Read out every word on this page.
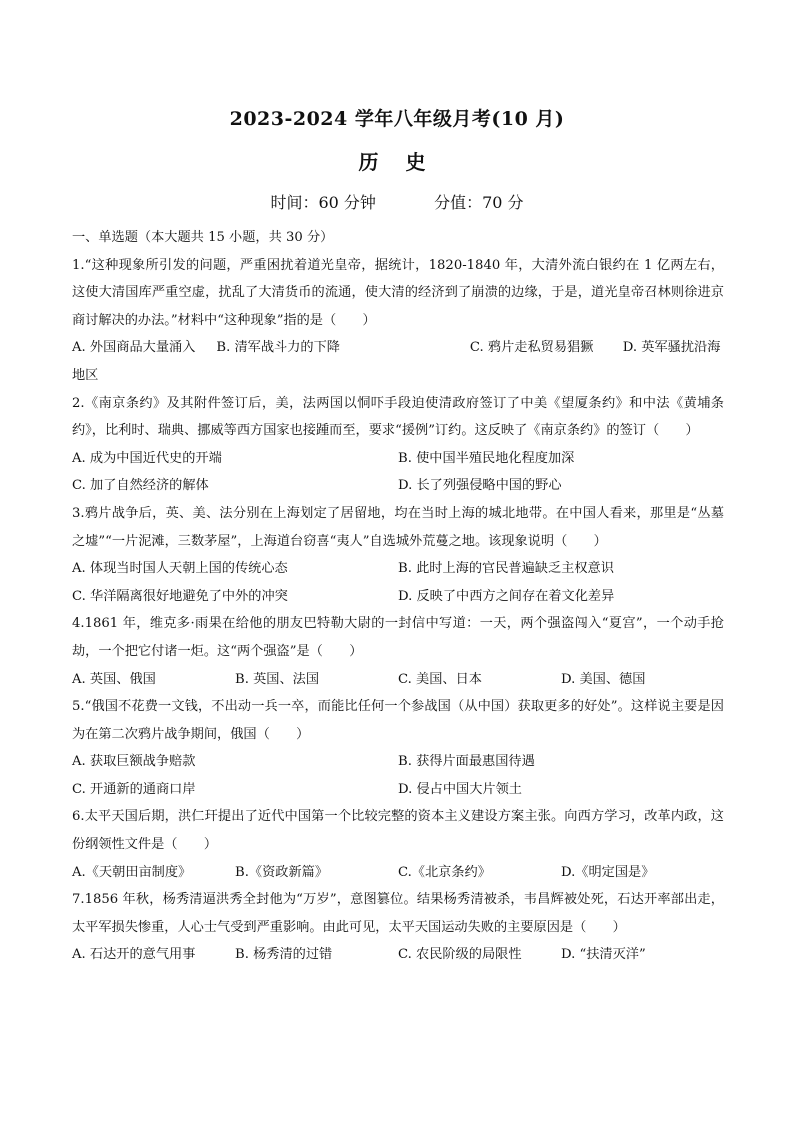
2023-2024 学年八年级月考(10 月)
历 史
时间：60 分钟	分值：70 分

一、单选题（本大题共 15 小题，共 30 分）

1.“这种现象所引发的问题，严重困扰着道光皇帝，据统计，1820-1840 年，大清外流白银约在 1 亿两左右，这使大清国库严重空虚，扰乱了大清货币的流通，使大清的经济到了崩溃的边缘，于是，道光皇帝召林则徐进京商讨解决的办法。”材料中“这种现象”指的是（　　）

A. 外国商品大量涌入 B. 清军战斗力的下降	C. 鸦片走私贸易猖獗 D. 英军骚扰沿海地区

2.《南京条约》及其附件签订后，美，法两国以恫吓手段迫使清政府签订了中美《望厦条约》和中法《黄埔条约》，比利时、瑞典、挪威等西方国家也接踵而至，要求“援例”订约。这反映了《南京条约》的签订（　　）

A. 成为中国近代史的开端	B. 使中国半殖民地化程度加深
C. 加了自然经济的解体	D. 长了列强侵略中国的野心

3.鸦片战争后，英、美、法分别在上海划定了居留地，均在当时上海的城北地带。在中国人看来，那里是“丛墓之墟”“一片泥滩，三数茅屋”，上海道台窃喜“夷人”自选城外荒蔓之地。该现象说明（　　）

A. 体现当时国人天朝上国的传统心态	B. 此时上海的官民普遍缺乏主权意识
C. 华洋隔离很好地避免了中外的冲突	D. 反映了中西方之间存在着文化差异

4.1861 年，维克多·雨果在给他的朋友巴特勒大尉的一封信中写道：一天，两个强盗闯入“夏宫”，一个动手抢劫，一个把它付诸一炬。这“两个强盗”是（　　）

A. 英国、俄国	B. 英国、法国	C. 美国、日本	D. 美国、德国

5.“俄国不花费一文钱，不出动一兵一卒，而能比任何一个参战国（从中国）获取更多的好处”。这样说主要是因为在第二次鸦片战争期间，俄国（　　）

A. 获取巨额战争赔款	B. 获得片面最惠国待遇
C. 开通新的通商口岸	D. 侵占中国大片领土

6.太平天国后期，洪仁玕提出了近代中国第一个比较完整的资本主义建设方案主张。向西方学习，改革内政，这份纲领性文件是（　　）

A.《天朝田亩制度》	B.《资政新篇》	C.《北京条约》	D.《明定国是》

7.1856 年秋，杨秀清逼洪秀全封他为“万岁”，意图篡位。结果杨秀清被杀，韦昌辉被处死，石达开率部出走，太平军损失惨重，人心士气受到严重影响。由此可见，太平天国运动失败的主要原因是（　　）

A. 石达开的意气用事	B. 杨秀清的过错	C. 农民阶级的局限性	D. “扶清灭洋”
